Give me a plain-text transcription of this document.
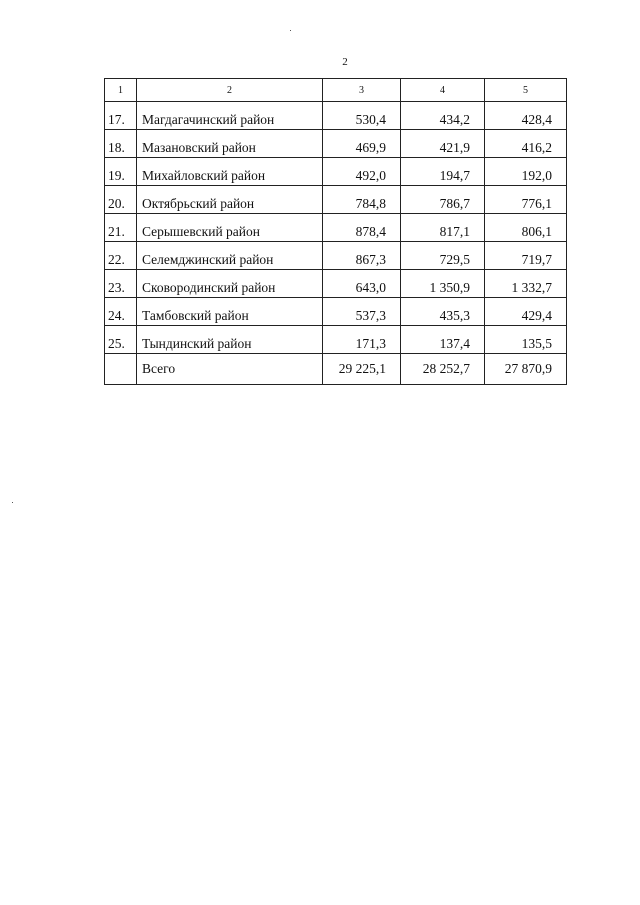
2
1	2	3	4	5
17.	Магдагачинский район	530,4	434,2	428,4
18.	Мазановский район	469,9	421,9	416,2
19.	Михайловский район	492,0	194,7	192,0
20.	Октябрьский район	784,8	786,7	776,1
21.	Серышевский район	878,4	817,1	806,1
22.	Селемджинский район	867,3	729,5	719,7
23.	Сковородинский район	643,0	1 350,9	1 332,7
24.	Тамбовский район	537,3	435,3	429,4
25.	Тындинский район	171,3	137,4	135,5
	Всего	29 225,1	28 252,7	27 870,9
